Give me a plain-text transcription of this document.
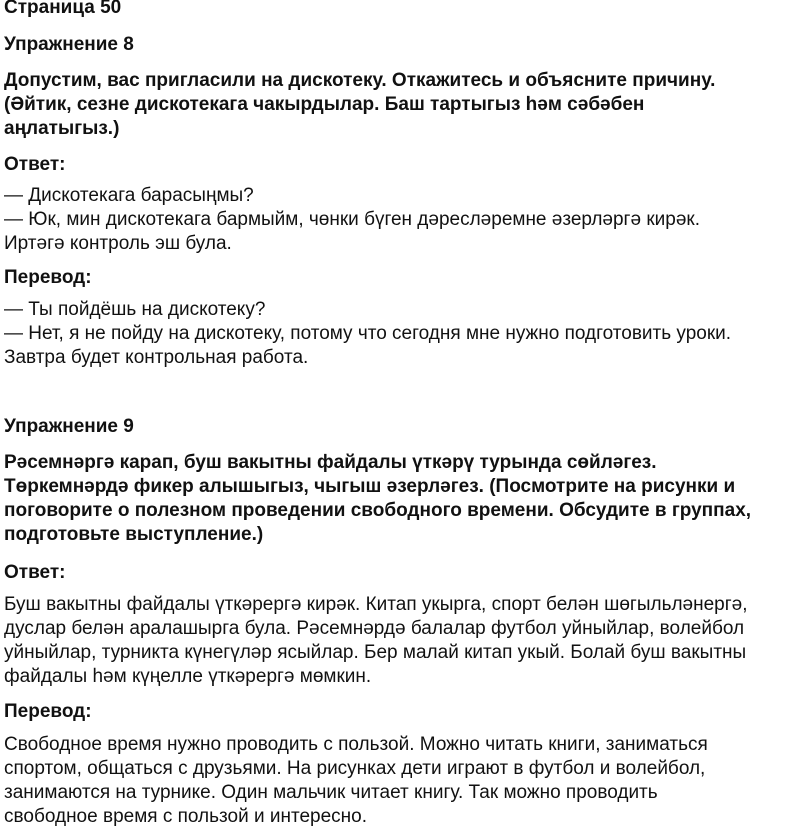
Страница 50
Упражнение 8
Допустим, вас пригласили на дискотеку. Откажитесь и объясните причину.
(Әйтик, сезне дискотекага чакырдылар. Баш тартыгыз һәм сәбәбен
аңлатыгыз.)
Ответ:
— Дискотекага барасыңмы?
— Юк, мин дискотекага бармыйм, чөнки бүген дәресләремне әзерләргә кирәк.
Иртәгә контроль эш була.
Перевод:
— Ты пойдёшь на дискотеку?
— Нет, я не пойду на дискотеку, потому что сегодня мне нужно подготовить уроки.
Завтра будет контрольная работа.
Упражнение 9
Рәсемнәргә карап, буш вакытны файдалы үткәрү турында сөйләгез.
Төркемнәрдә фикер алышыгыз, чыгыш әзерләгез. (Посмотрите на рисунки и
поговорите о полезном проведении свободного времени. Обсудите в группах,
подготовьте выступление.)
Ответ:
Буш вакытны файдалы үткәрергә кирәк. Китап укырга, спорт белән шөгыльләнергә,
дуслар белән аралашырга була. Рәсемнәрдә балалар футбол уйныйлар, волейбол
уйныйлар, турникта күнегүләр ясыйлар. Бер малай китап укый. Болай буш вакытны
файдалы һәм күңелле үткәрергә мөмкин.
Перевод:
Свободное время нужно проводить с пользой. Можно читать книги, заниматься
спортом, общаться с друзьями. На рисунках дети играют в футбол и волейбол,
занимаются на турнике. Один мальчик читает книгу. Так можно проводить
свободное время с пользой и интересно.
